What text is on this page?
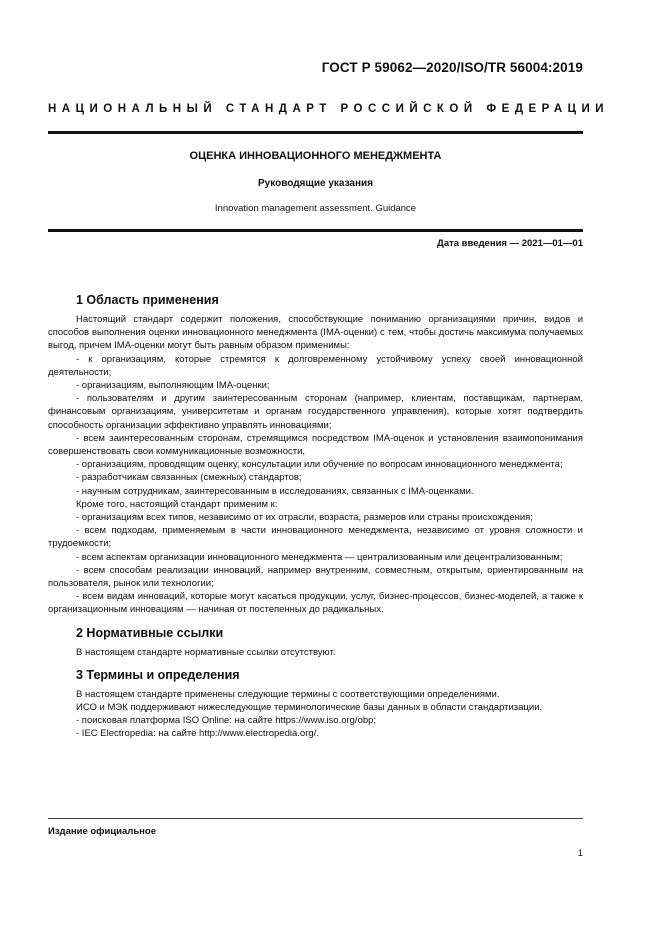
ГОСТ Р 59062—2020/ISO/TR 56004:2019
НАЦИОНАЛЬНЫЙ СТАНДАРТ РОССИЙСКОЙ ФЕДЕРАЦИИ
ОЦЕНКА ИННОВАЦИОННОГО МЕНЕДЖМЕНТА
Руководящие указания
Innovation management assessment. Guidance
Дата введения — 2021—01—01
1 Область применения

Настоящий стандарт содержит положения, способствующие пониманию организациями причин, видов и способов выполнения оценки инновационного менеджмента (IMA-оценки) с тем, чтобы достичь максимума получаемых выгод, причем IMA-оценки могут быть равным образом применимы:

- к организациям, которые стремятся к долговременному устойчивому успеху своей инновационной деятельности;

- организациям, выполняющим IMA-оценки;

- пользователям и другим заинтересованным сторонам (например, клиентам, поставщикам, партнерам, финансовым организациям, университетам и органам государственного управления), которые хотят подтвердить способность организации эффективно управлять инновациями;

- всем заинтересованным сторонам, стремящимся посредством IMA-оценок и установления взаимопонимания совершенствовать свои коммуникационные возможности,

- организациям, проводящим оценку, консультации или обучение по вопросам инновационного менеджмента;

- разработчикам связанных (смежных) стандартов;

- научным сотрудникам, заинтересованным в исследованиях, связанных с IMA-оценками.

Кроме того, настоящий стандарт применим к:

- организациям всех типов, независимо от их отрасли, возраста, размеров или страны происхождения;

- всем подходам, применяемым в части инновационного менеджмента, независимо от уровня сложности и трудоемкости;

- всем аспектам организации инновационного менеджмента — централизованным или децентрализованным;

- всем способам реализации инноваций, например внутренним, совместным, открытым, ориентированным на пользователя, рынок или технологии;

- всем видам инноваций, которые могут касаться продукции, услуг, бизнес-процессов, бизнес-моделей, а также к организационным инновациям — начиная от постепенных до радикальных.

2 Нормативные ссылки

В настоящем стандарте нормативные ссылки отсутствуют.

3 Термины и определения

В настоящем стандарте применены следующие термины с соответствующими определениями.

ИСО и МЭК поддерживают нижеследующие терминологические базы данных в области стандартизации.

- поисковая платформа ISO Online: на сайте https://www.iso.org/obp;

- IEC Electropedia: на сайте http://www.electropedia.org/.

Издание официальное
1
